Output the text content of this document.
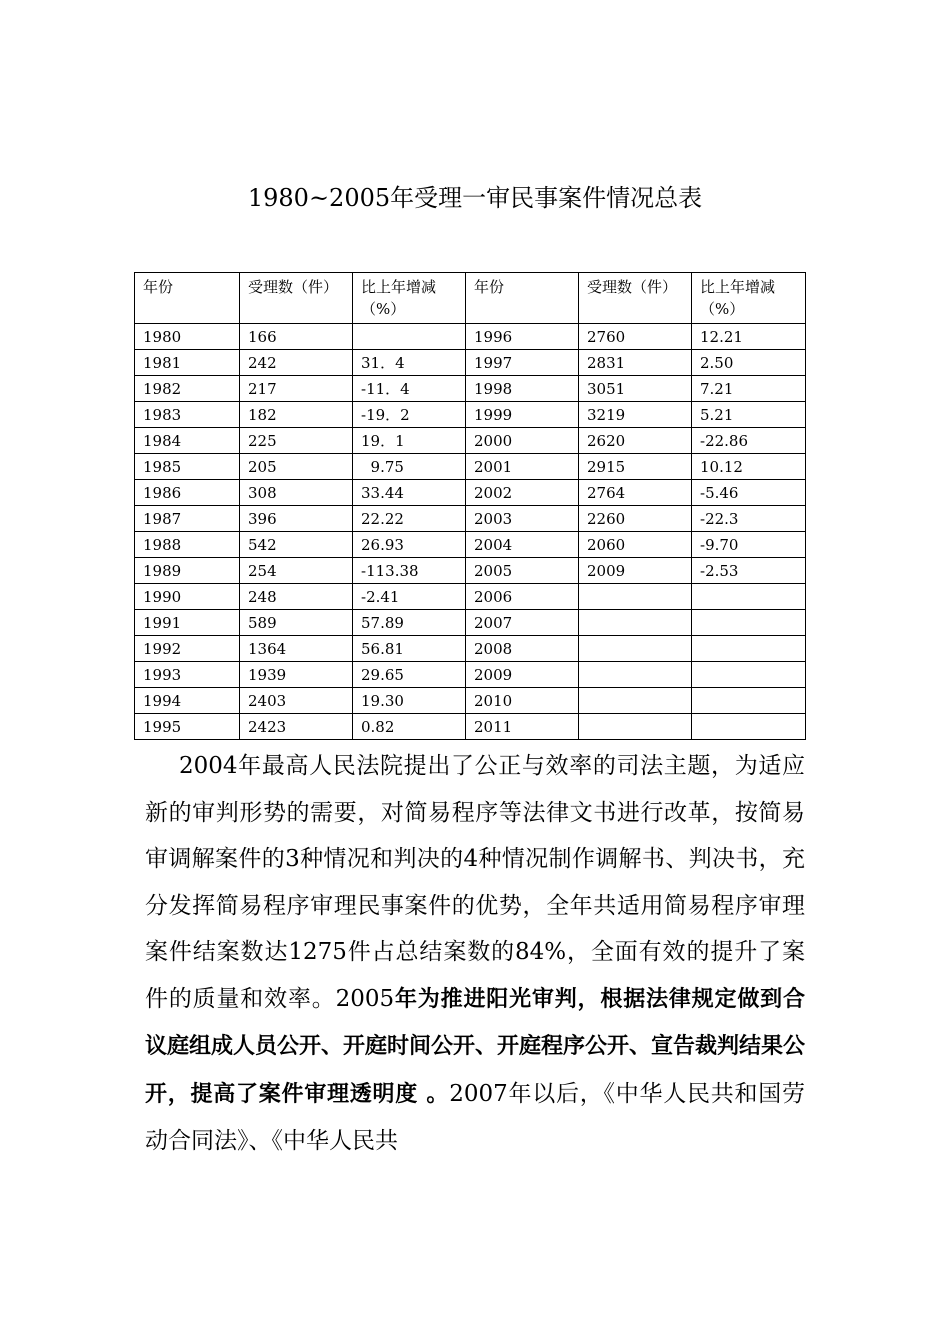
1980~2005年受理一审民事案件情况总表
年份	受理数（件）	比上年增减（%）	年份	受理数（件）	比上年增减（%）
1980	166		1996	2760	12.21
1981	242	31．4	1997	2831	2.50
1982	217	-11．4	1998	3051	7.21
1983	182	-19．2	1999	3219	5.21
1984	225	19．1	2000	2620	-22.86
1985	205	9.75	2001	2915	10.12
1986	308	33.44	2002	2764	-5.46
1987	396	22.22	2003	2260	-22.3
1988	542	26.93	2004	2060	-9.70
1989	254	-113.38	2005	2009	-2.53
1990	248	-2.41	2006		
1991	589	57.89	2007		
1992	1364	56.81	2008		
1993	1939	29.65	2009		
1994	2403	19.30	2010		
1995	2423	0.82	2011		

2004年最高人民法院提出了公正与效率的司法主题，为适应新的审判形势的需要，对简易程序等法律文书进行改革，按简易审调解案件的3种情况和判决的4种情况制作调解书、判决书，充分发挥简易程序审理民事案件的优势，全年共适用简易程序审理案件结案数达1275件占总结案数的84%，全面有效的提升了案件的质量和效率。2005年为推进阳光审判，根据法律规定做到合议庭组成人员公开、开庭时间公开、开庭程序公开、宣告裁判结果公开，提高了案件审理透明度 。2007年以后，《中华人民共和国劳动合同法》、《中华人民共
